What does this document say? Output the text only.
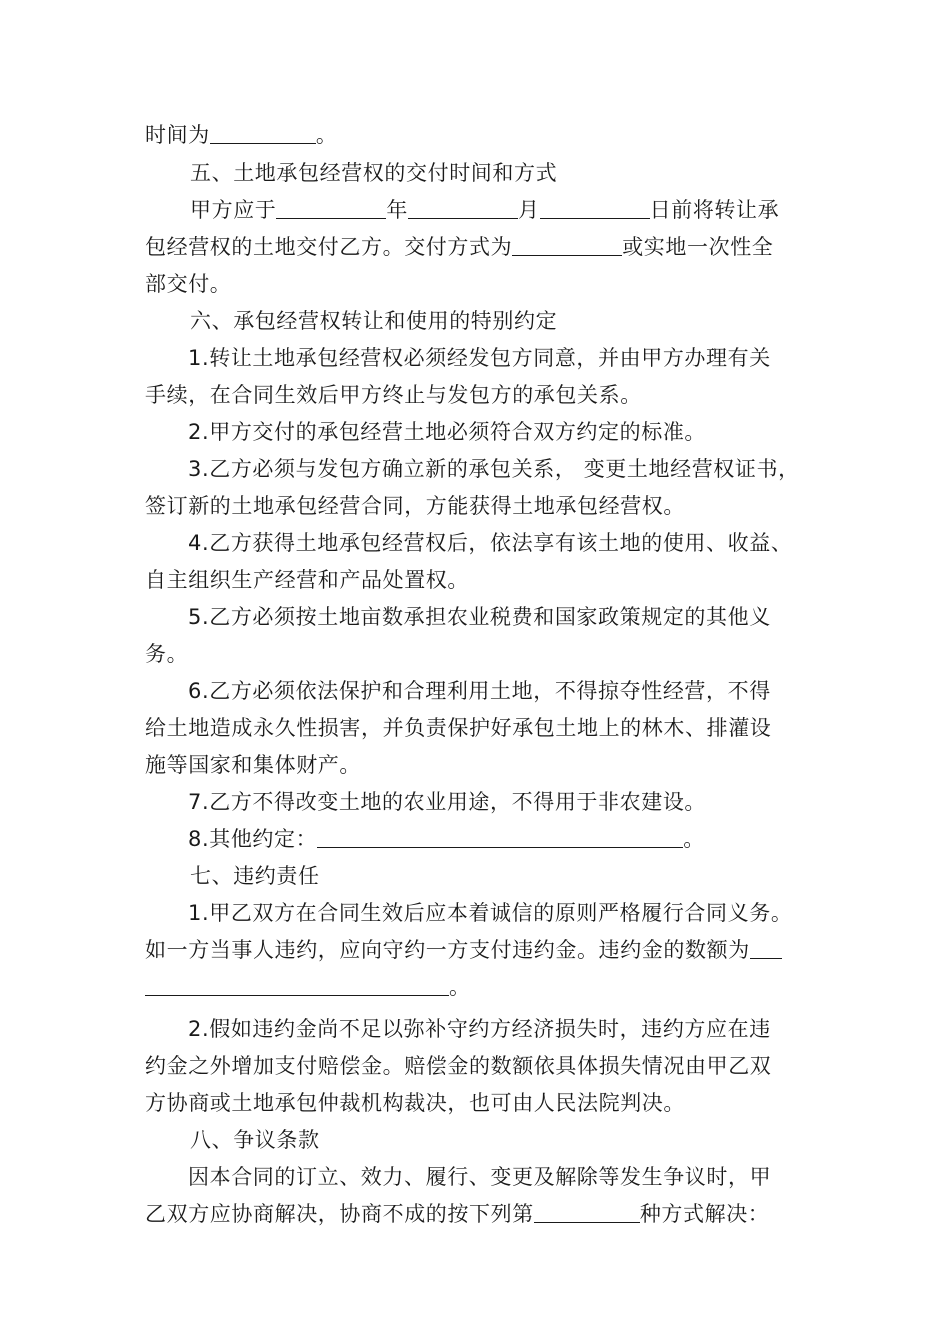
时间为	。
五、土地承包经营权的交付时间和方式
甲方应于	年	月	日前将转让承
包经营权的土地交付乙方。交付方式为	或实地一次性全
部交付。
六、承包经营权转让和使用的特别约定
1.转让土地承包经营权必须经发包方同意，并由甲方办理有关
手续，在合同生效后甲方终止与发包方的承包关系。
2.甲方交付的承包经营土地必须符合双方约定的标准。
3.乙方必须与发包方确立新的承包关系， 变更土地经营权证书，
签订新的土地承包经营合同，方能获得土地承包经营权。
4.乙方获得土地承包经营权后，依法享有该土地的使用、收益、
自主组织生产经营和产品处置权。
5.乙方必须按土地亩数承担农业税费和国家政策规定的其他义
务。
6.乙方必须依法保护和合理利用土地，不得掠夺性经营，不得
给土地造成永久性损害，并负责保护好承包土地上的林木、排灌设
施等国家和集体财产。
7.乙方不得改变土地的农业用途，不得用于非农建设。
8.其他约定：	。
七、违约责任
1.甲乙双方在合同生效后应本着诚信的原则严格履行合同义务。
如一方当事人违约，应向守约一方支付违约金。违约金的数额为
。
2.假如违约金尚不足以弥补守约方经济损失时，违约方应在违
约金之外增加支付赔偿金。赔偿金的数额依具体损失情况由甲乙双
方协商或土地承包仲裁机构裁决，也可由人民法院判决。
八、争议条款
因本合同的订立、效力、履行、变更及解除等发生争议时，甲
乙双方应协商解决，协商不成的按下列第	种方式解决：
